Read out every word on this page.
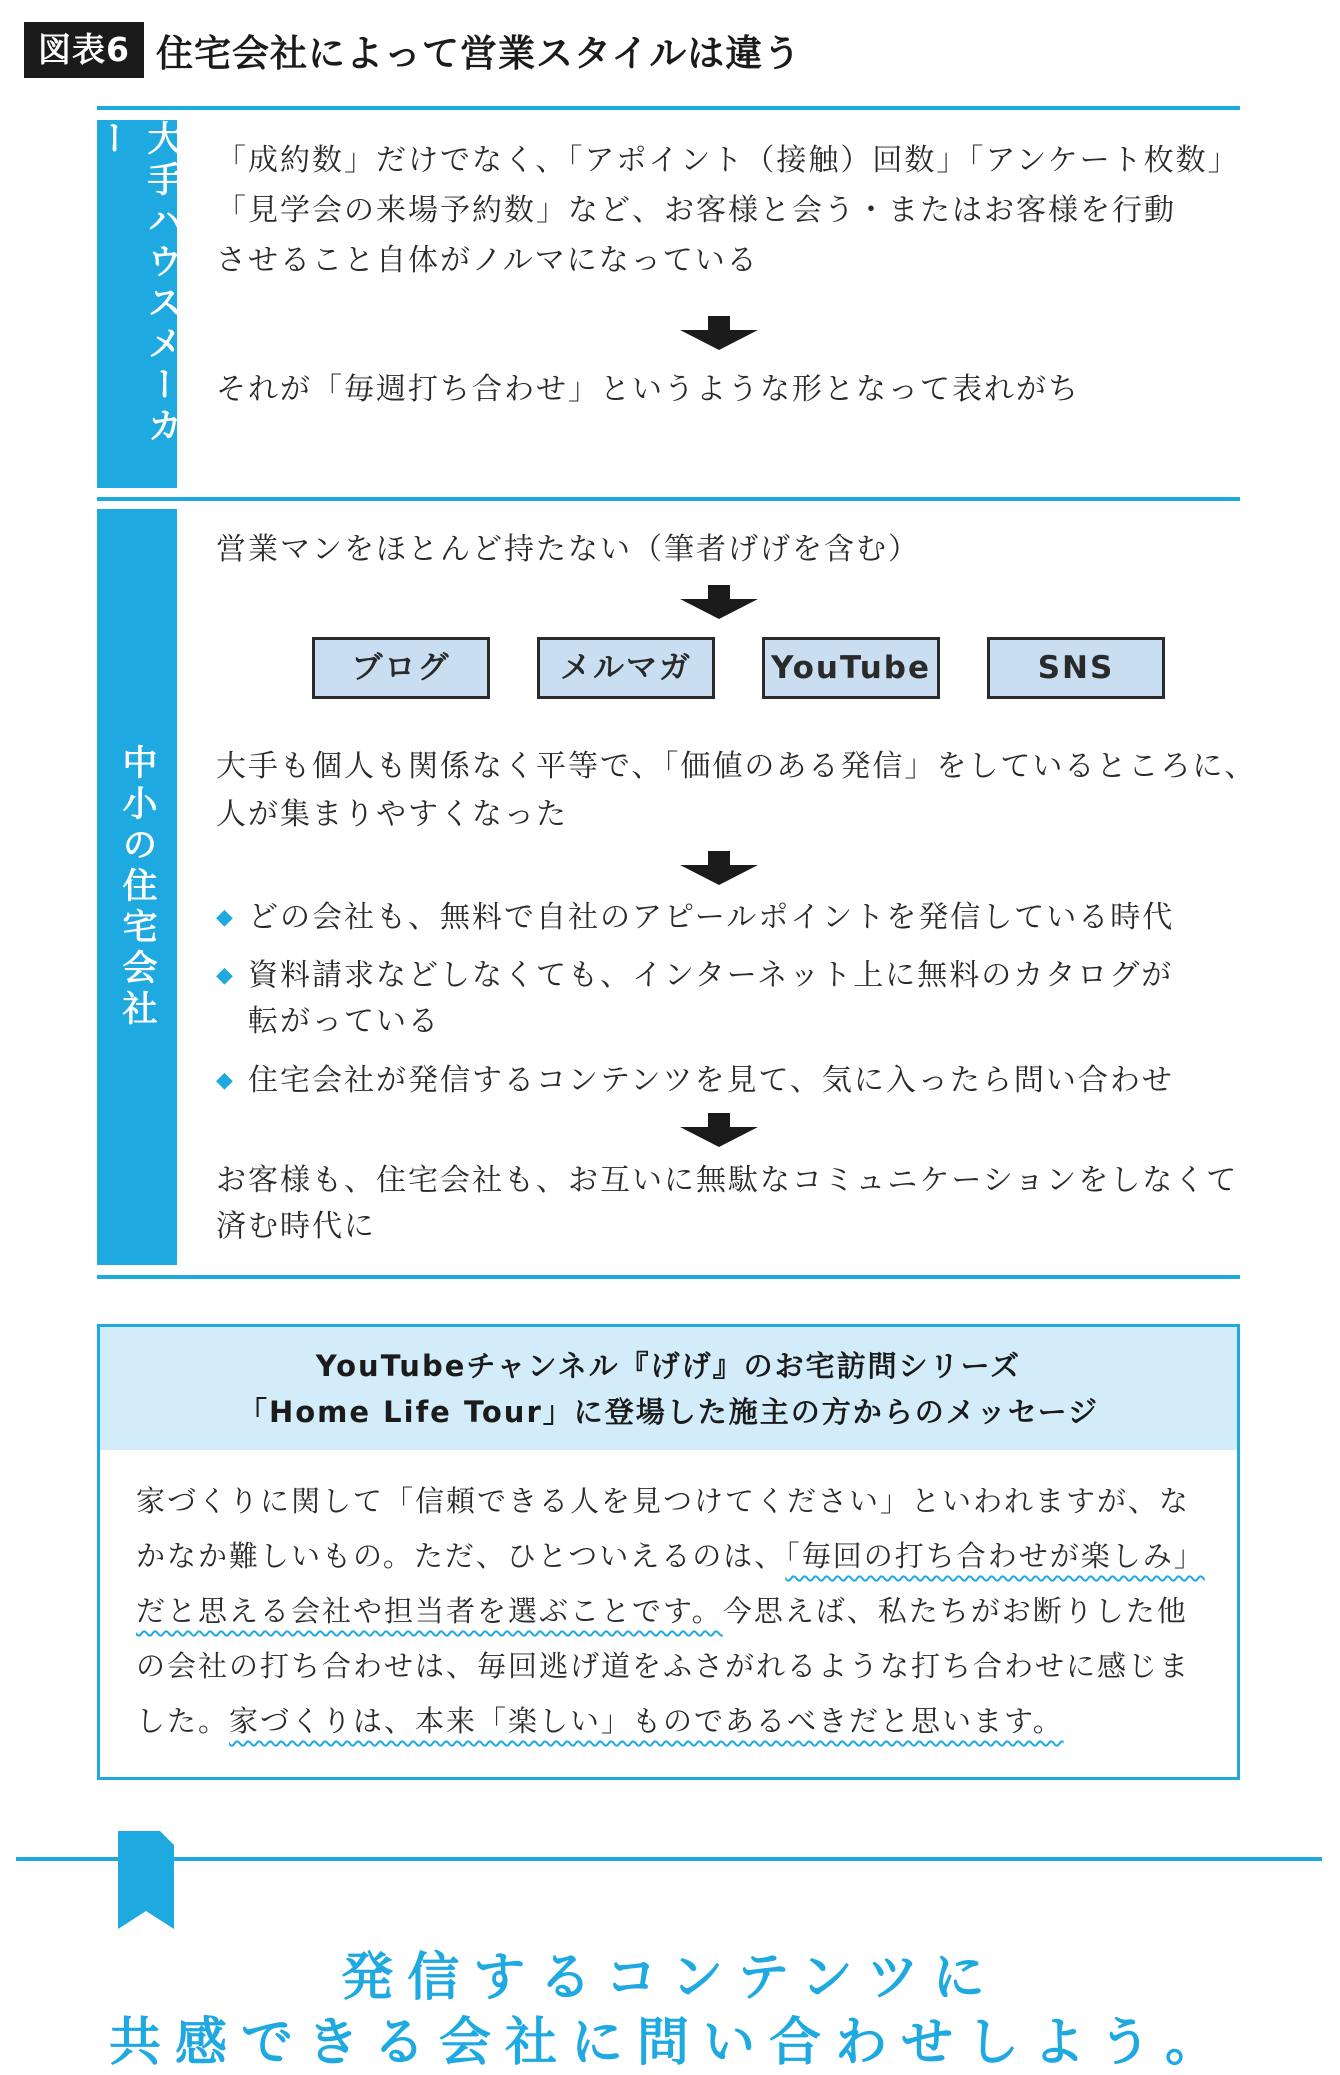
図表6 住宅会社によって営業スタイルは違う
大手ハウスメーカー	「成約数」だけでなく、「アポイント（接触）回数」「アンケート枚数」
「見学会の来場予約数」など、お客様と会う・またはお客様を行動
させること自体がノルマになっている
それが「毎週打ち合わせ」というような形となって表れがち
中小の住宅会社
営業マンをほとんど持たない（筆者げげを含む）
ブログ	メルマガ	YouTube	SNS
大手も個人も関係なく平等で、「価値のある発信」をしているところに、
人が集まりやすくなった
◆ どの会社も、無料で自社のアピールポイントを発信している時代
◆ 資料請求などしなくても、インターネット上に無料のカタログが
転がっている
◆ 住宅会社が発信するコンテンツを見て、気に入ったら問い合わせ
お客様も、住宅会社も、お互いに無駄なコミュニケーションをしなくて
済む時代に
YouTubeチャンネル『げげ』のお宅訪問シリーズ
「Home Life Tour」に登場した施主の方からのメッセージ
家づくりに関して「信頼できる人を見つけてください」といわれますが、なかなか難しいもの。ただ、ひとついえるのは、「毎回の打ち合わせが楽しみ」だと思える会社や担当者を選ぶことです。今思えば、私たちがお断りした他の会社の打ち合わせは、毎回逃げ道をふさがれるような打ち合わせに感じました。家づくりは、本来「楽しい」ものであるべきだと思います。
発信するコンテンツに
共感できる会社に問い合わせしよう。
